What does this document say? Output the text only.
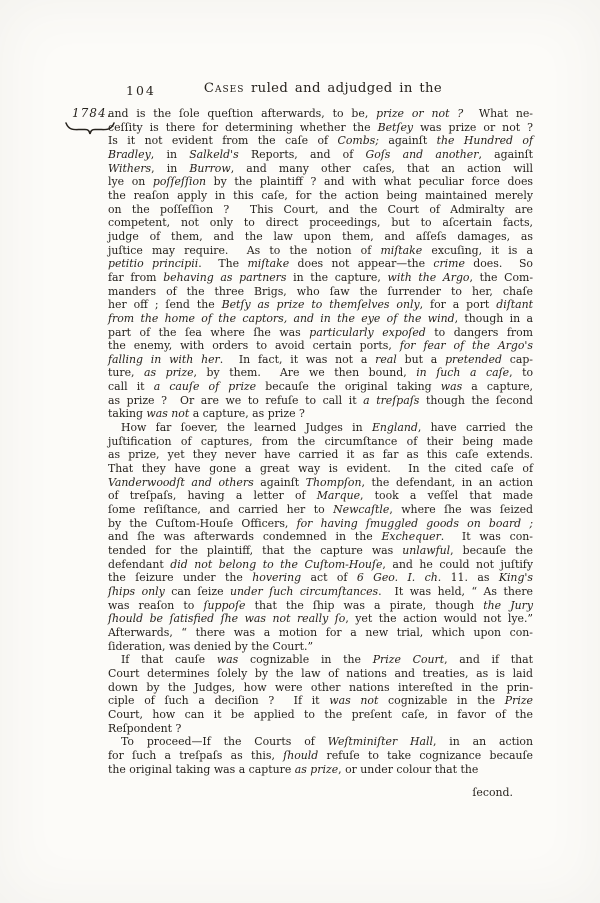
104	Cases ruled and adjudged in the
1784.
and is the ſole queſtion afterwards, to be, prize or not ?  What ne-
ceſſity is there for determining whether the Betſey was prize or not ?
Is it not evident from the caſe of Combs; againſt the Hundred of
Bradley, in Salkeld's Reports, and of Goſs and another, againſt
Withers, in Burrow, and many other caſes, that an action will
lye on poſſeſſion by the plaintiff ? and with what peculiar force does
the reaſon apply in this caſe, for the action being maintained merely
on the poſſeſſion ?  This Court, and the Court of Admiralty are
competent, not only to direct proceedings, but to aſcertain facts,
judge of them, and the law upon them, and aſſeſs damages, as
juſtice may require.  As to the notion of miſtake excuſing, it is a
petitio principii.  The miſtake does not appear—the crime does.  So
far from behaving as partners in the capture, with the Argo, the Com-
manders of the three Brigs, who ſaw the ſurrender to her, chaſe
her off ; ſend the Betſy as prize to themſelves only, for a port diſtant
from the home of the captors, and in the eye of the wind, though in a
part of the ſea where ſhe was particularly expoſed to dangers from
the enemy, with orders to avoid certain ports, for fear of the Argo's
falling in with her.  In fact, it was not a real but a pretended cap-
ture, as prize, by them.  Are we then bound, in ſuch a caſe, to
call it a cauſe of prize becauſe the original taking was a capture,
as prize ?  Or are we to refuſe to call it a treſpaſs though the ſecond
taking was not a capture, as prize ?
How far ſoever, the learned Judges in England, have carried the
juſtification of captures, from the circumſtance of their being made
as prize, yet they never have carried it as far as this caſe extends.
That they have gone a great way is evident.  In the cited caſe of
Vanderwoodſt and others againſt Thompſon, the defendant, in an action
of treſpaſs, having a letter of Marque, took a veſſel that made
ſome reſiſtance, and carried her to Newcaſtle, where ſhe was ſeized
by the Cuſtom-Houſe Officers, for having ſmuggled goods on board ;
and ſhe was afterwards condemned in the Exchequer.  It was con-
tended for the plaintiff, that the capture was unlawful, becauſe the
defendant did not belong to the Cuſtom-Houſe, and he could not juſtify
the ſeizure under the hovering act of 6 Geo. I. ch. 11. as King's
ſhips only can ſeize under ſuch circumſtances.  It was held, “ As there
was reaſon to ſuppoſe that the ſhip was a pirate, though the Jury
ſhould be ſatisfied ſhe was not really ſo, yet the action would not lye.”
Afterwards, “ there was a motion for a new trial, which upon con-
ſideration, was denied by the Court.”
If that cauſe was cognizable in the Prize Court, and if that
Court determines ſolely by the law of nations and treaties, as is laid
down by the Judges, how were other nations intereſted in the prin-
ciple of ſuch a deciſion ?  If it was not cognizable in the Prize
Court, how can it be applied to the preſent caſe, in favor of the
Reſpondent ?
To proceed—If the Courts of Weſtminiſter Hall, in an action
for ſuch a treſpaſs as this, ſhould refuſe to take cognizance becauſe
the original taking was a capture as prize, or under colour that the
ſecond.
